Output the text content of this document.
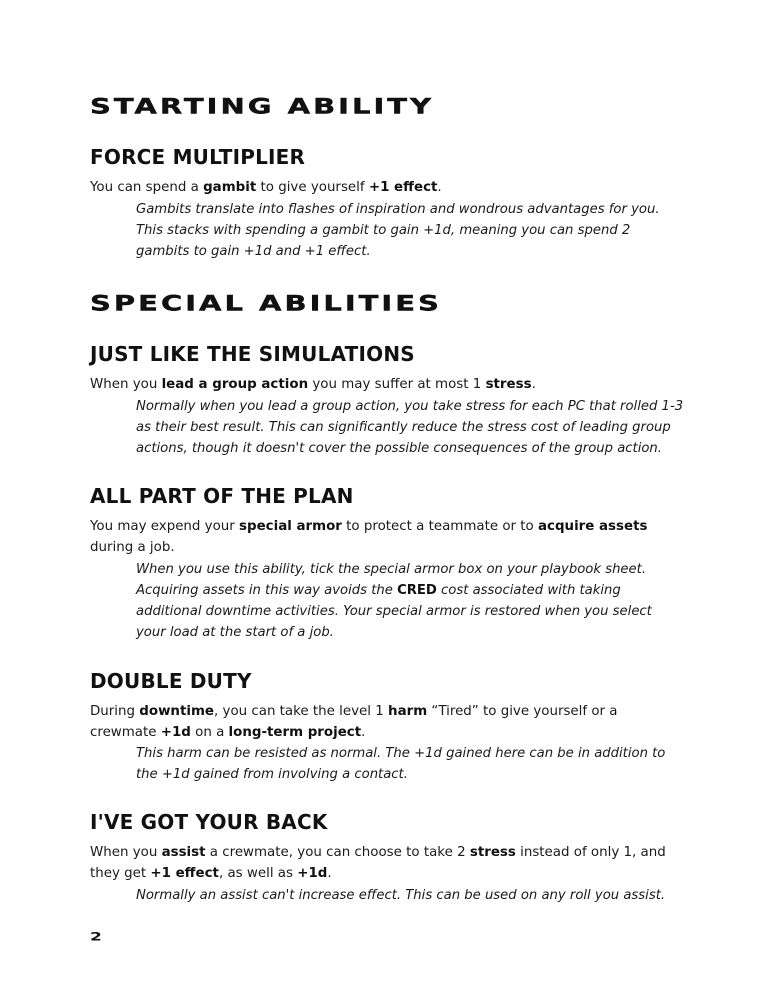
STARTING ABILITY
FORCE MULTIPLIER

You can spend a gambit to give yourself +1 effect.

Gambits translate into flashes of inspiration and wondrous advantages for you. This stacks with spending a gambit to gain +1d, meaning you can spend 2 gambits to gain +1d and +1 effect.

SPECIAL ABILITIES
JUST LIKE THE SIMULATIONS

When you lead a group action you may suffer at most 1 stress.

Normally when you lead a group action, you take stress for each PC that rolled 1-3 as their best result. This can significantly reduce the stress cost of leading group actions, though it doesn't cover the possible consequences of the group action.

ALL PART OF THE PLAN

You may expend your special armor to protect a teammate or to acquire assets during a job.

When you use this ability, tick the special armor box on your playbook sheet. Acquiring assets in this way avoids the CRED cost associated with taking additional downtime activities. Your special armor is restored when you select your load at the start of a job.

DOUBLE DUTY

During downtime, you can take the level 1 harm “Tired” to give yourself or a crewmate +1d on a long-term project.

This harm can be resisted as normal. The +1d gained here can be in addition to the +1d gained from involving a contact.

I'VE GOT YOUR BACK

When you assist a crewmate, you can choose to take 2 stress instead of only 1, and they get +1 effect, as well as +1d.

Normally an assist can't increase effect. This can be used on any roll you assist.

2
